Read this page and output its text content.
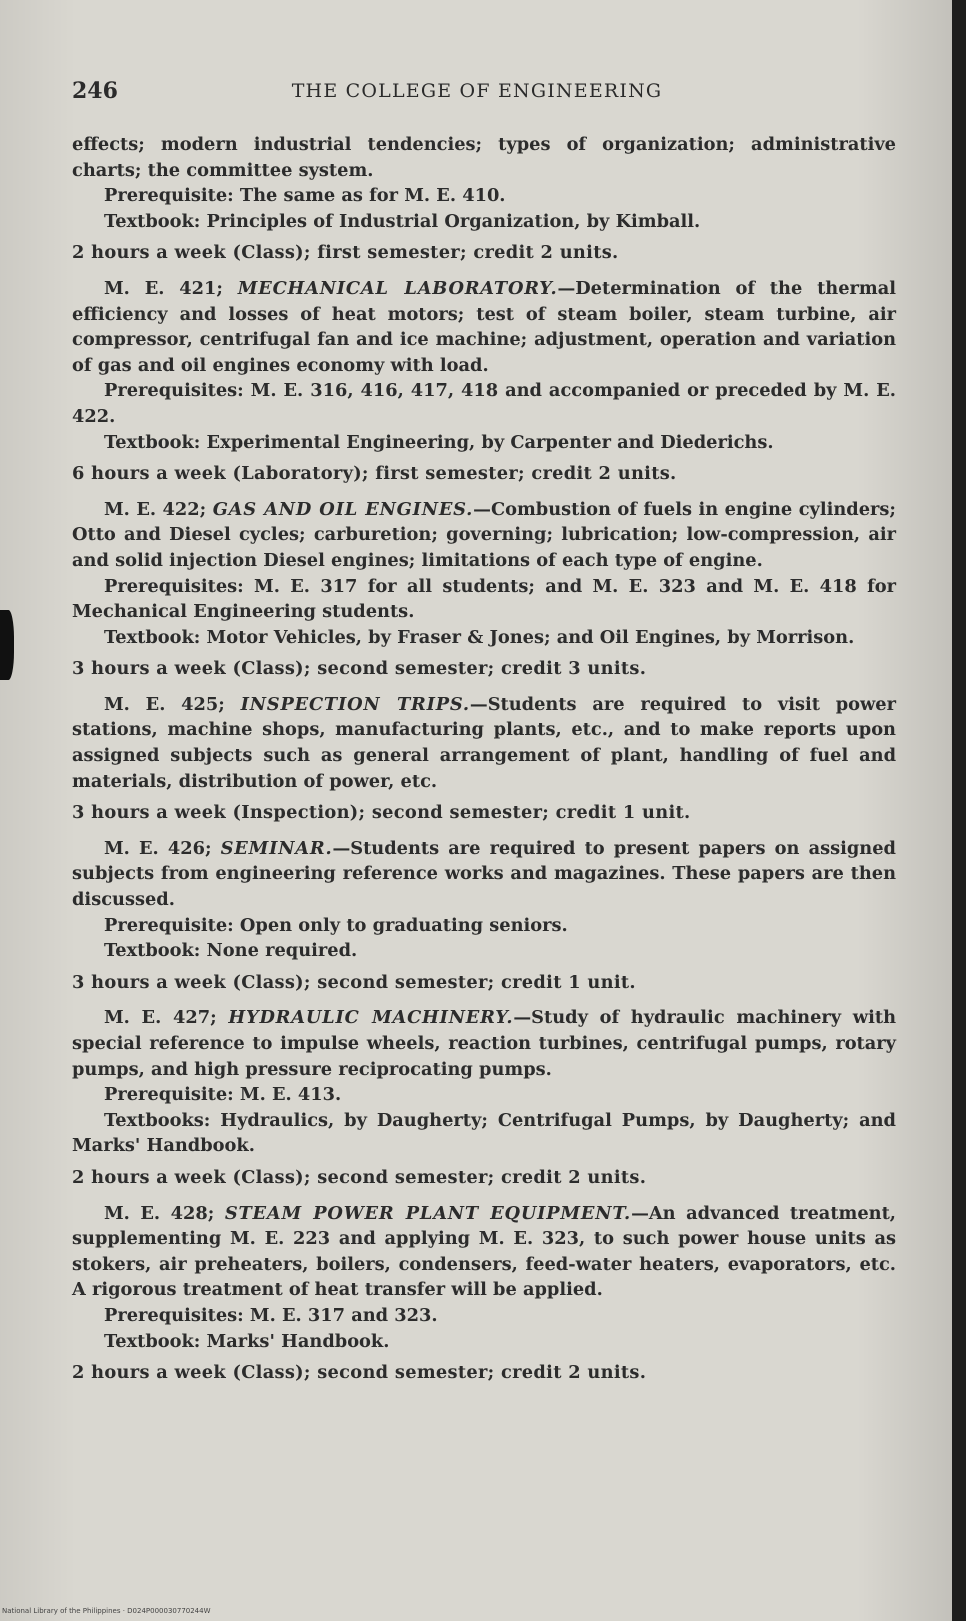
246	THE COLLEGE OF ENGINEERING

effects; modern industrial tendencies; types of organization; administrative charts; the committee system.

Prerequisite: The same as for M. E. 410.

Textbook: Principles of Industrial Organization, by Kimball.

2 hours a week (Class); first semester; credit 2 units.

M. E. 421; MECHANICAL LABORATORY.—Determination of the thermal efficiency and losses of heat motors; test of steam boiler, steam turbine, air compressor, centrifugal fan and ice machine; adjustment, operation and variation of gas and oil engines economy with load.

Prerequisites: M. E. 316, 416, 417, 418 and accompanied or preceded by M. E. 422.

Textbook: Experimental Engineering, by Carpenter and Diederichs.

6 hours a week (Laboratory); first semester; credit 2 units.

M. E. 422; GAS AND OIL ENGINES.—Combustion of fuels in engine cylinders; Otto and Diesel cycles; carburetion; governing; lubrication; low-compression, air and solid injection Diesel engines; limitations of each type of engine.

Prerequisites: M. E. 317 for all students; and M. E. 323 and M. E. 418 for Mechanical Engineering students.

Textbook: Motor Vehicles, by Fraser & Jones; and Oil Engines, by Morrison.

3 hours a week (Class); second semester; credit 3 units.

M. E. 425; INSPECTION TRIPS.—Students are required to visit power stations, machine shops, manufacturing plants, etc., and to make reports upon assigned subjects such as general arrangement of plant, handling of fuel and materials, distribution of power, etc.

3 hours a week (Inspection); second semester; credit 1 unit.

M. E. 426; SEMINAR.—Students are required to present papers on assigned subjects from engineering reference works and magazines. These papers are then discussed.

Prerequisite: Open only to graduating seniors.

Textbook: None required.

3 hours a week (Class); second semester; credit 1 unit.

M. E. 427; HYDRAULIC MACHINERY.—Study of hydraulic machinery with special reference to impulse wheels, reaction turbines, centrifugal pumps, rotary pumps, and high pressure reciprocating pumps.

Prerequisite: M. E. 413.

Textbooks: Hydraulics, by Daugherty; Centrifugal Pumps, by Daugherty; and Marks' Handbook.

2 hours a week (Class); second semester; credit 2 units.

M. E. 428; STEAM POWER PLANT EQUIPMENT.—An advanced treatment, supplementing M. E. 223 and applying M. E. 323, to such power house units as stokers, air preheaters, boilers, condensers, feed-water heaters, evaporators, etc. A rigorous treatment of heat transfer will be applied.

Prerequisites: M. E. 317 and 323.

Textbook: Marks' Handbook.

2 hours a week (Class); second semester; credit 2 units.

National Library of the Philippines · D024P000030770244W
